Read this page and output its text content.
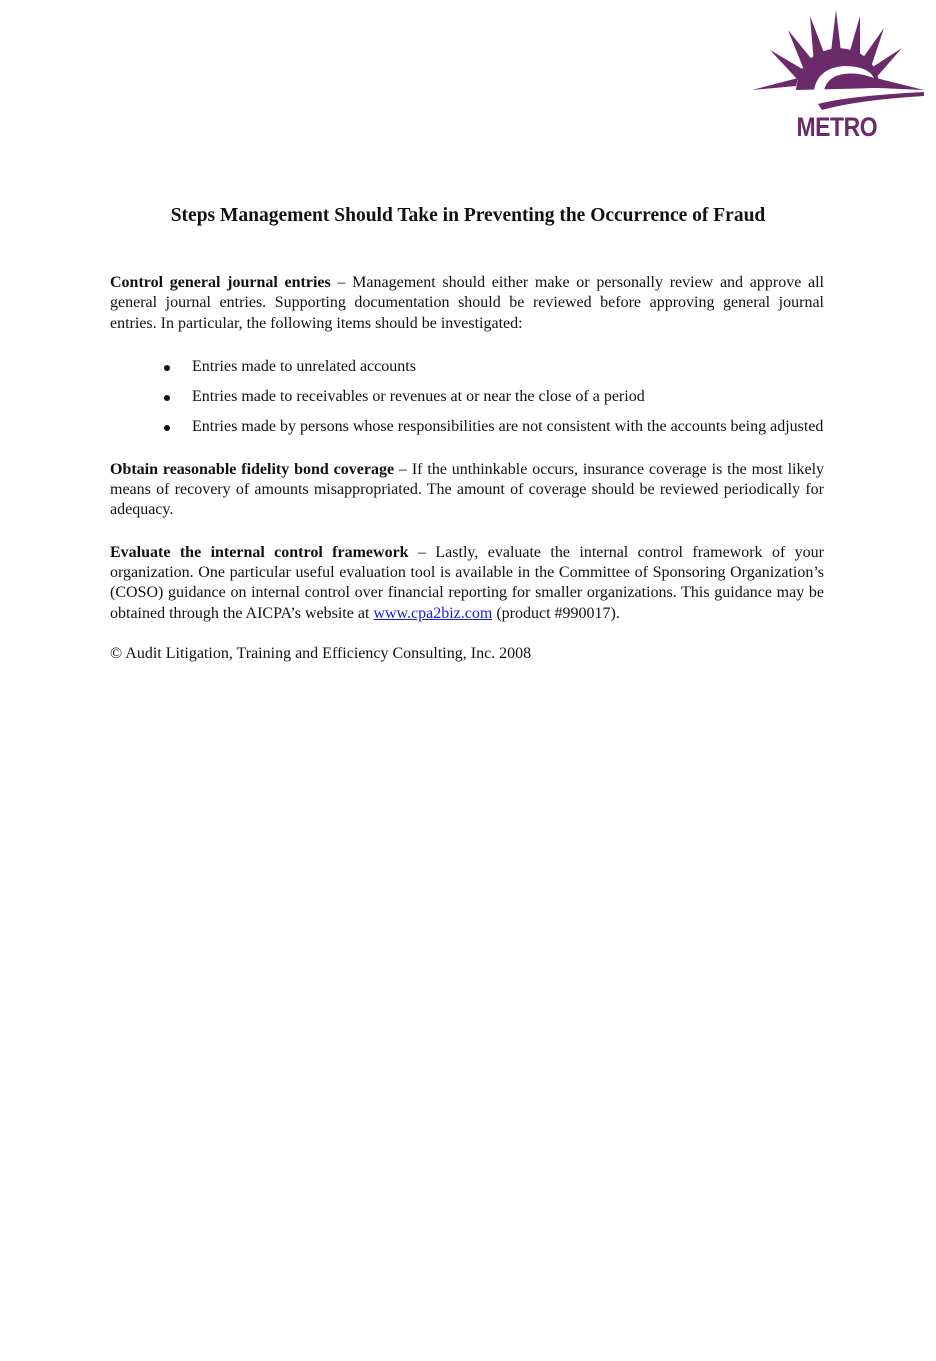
METRO
Steps Management Should Take in Preventing the Occurrence of Fraud

Control general journal entries – Management should either make or personally review and approve all general journal entries. Supporting documentation should be reviewed before approving general journal entries. In particular, the following items should be investigated:

Entries made to unrelated accounts
Entries made to receivables or revenues at or near the close of a period
Entries made by persons whose responsibilities are not consistent with the accounts being adjusted

Obtain reasonable fidelity bond coverage – If the unthinkable occurs, insurance coverage is the most likely means of recovery of amounts misappropriated. The amount of coverage should be reviewed periodically for adequacy.

Evaluate the internal control framework – Lastly, evaluate the internal control framework of your organization. One particular useful evaluation tool is available in the Committee of Sponsoring Organization’s (COSO) guidance on internal control over financial reporting for smaller organizations. This guidance may be obtained through the AICPA’s website at www.cpa2biz.com (product #990017).

© Audit Litigation, Training and Efficiency Consulting, Inc. 2008
